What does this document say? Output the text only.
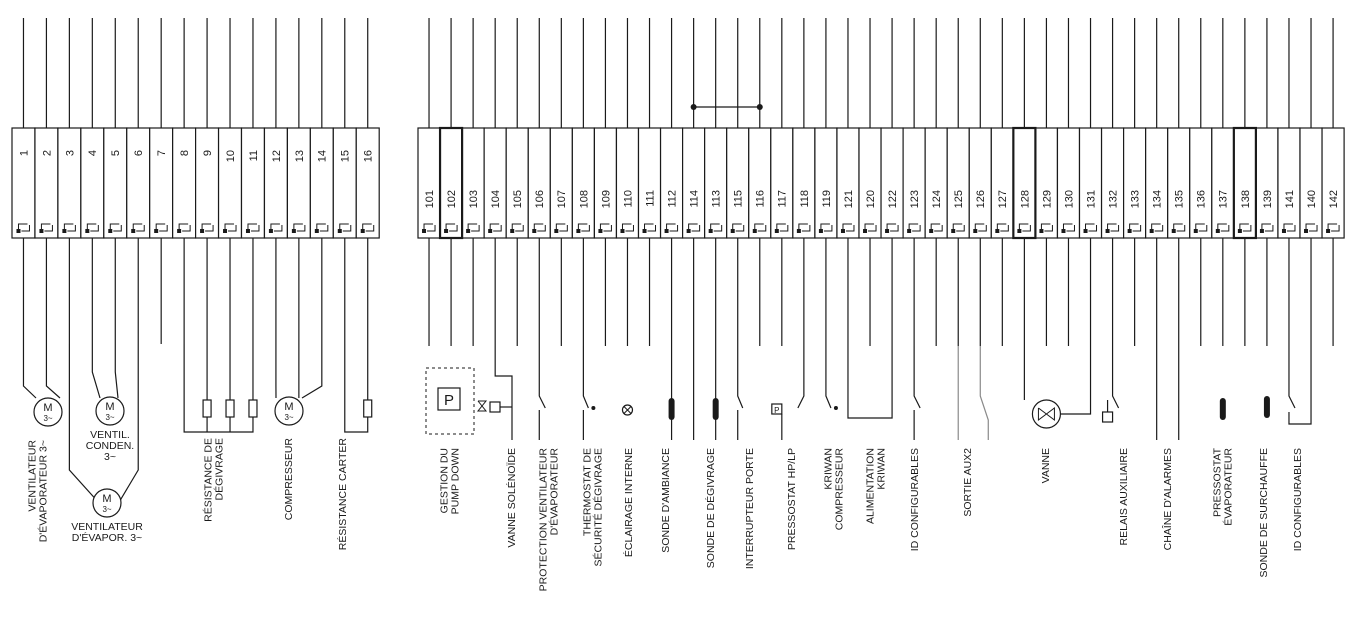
1 2 3 4 5 6 7 8 9 10 11 12 13 14 15 16
101 102 103 104 105 106 107 108 109 110 111 112 114 113 115 116 117 118 119 121 120 122 123 124 125 126 127 128 129 130 131 132 133 134 135 136 137 138 139 141 140 142
M
3~
M
3~
M
3~
M
3~
P
P
VENTILATEUR D'ÉVAPORATEUR 3~
VENTIL.
CONDEN.
3~
VENTILATEUR
D'ÉVAPOR. 3~
RÉSISTANCE DE DÉGIVRAGE	COMPRESSEUR	RÉSISTANCE CARTER	GESTION DU PUMP DOWN	VANNE SOLÉNOÏDE PROTECTION VENTILATEUR D'ÉVAPORATEUR THERMOSTAT DE SÉCURITÉ DÉGIVRAGE ÉCLAIRAGE INTERNE SONDE D'AMBIANCE	SONDE DE DÉGIVRAGE	INTERRUPTEUR PORTE	PRESSOSTAT HP/LP KRIWAN COMPRESSEUR ALIMENTATION KRIWAN ID CONFIGURABLES	SORTIE AUX2	VANNE	RELAIS AUXILIAIRE	CHAÎNE D'ALARMES	PRESSOSTAT ÉVAPORATEUR SONDE DE SURCHAUFFE ID CONFIGURABLES
